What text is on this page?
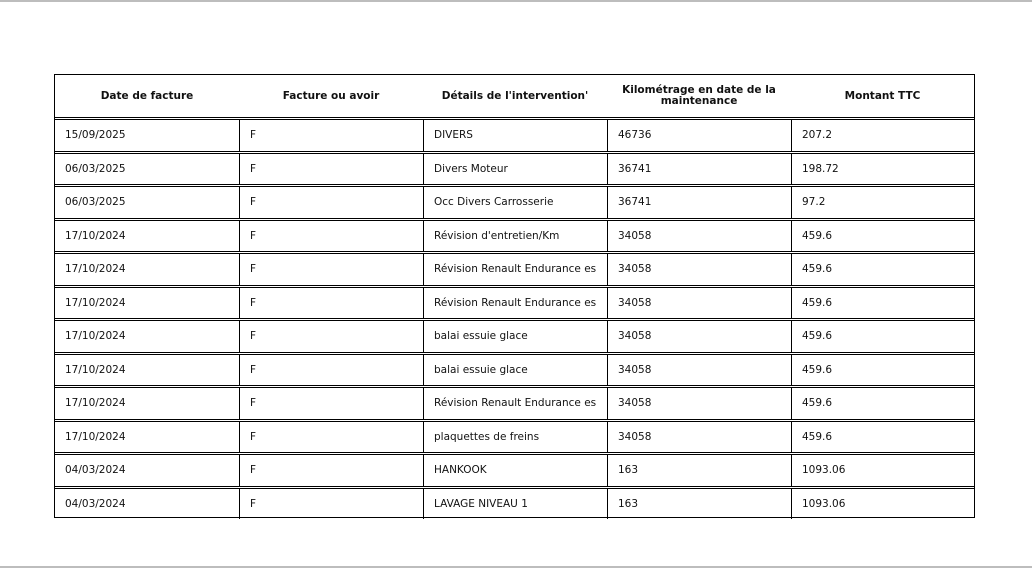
Date de facture	Facture ou avoir	Détails de l'intervention'	Kilométrage en date de la maintenance	Montant TTC
15/09/2025	F	DIVERS	46736	207.2
06/03/2025	F	Divers Moteur	36741	198.72
06/03/2025	F	Occ Divers Carrosserie	36741	97.2
17/10/2024	F	Révision d'entretien/Km	34058	459.6
17/10/2024	F	Révision Renault Endurance es	34058	459.6
17/10/2024	F	Révision Renault Endurance es	34058	459.6
17/10/2024	F	balai essuie glace	34058	459.6
17/10/2024	F	balai essuie glace	34058	459.6
17/10/2024	F	Révision Renault Endurance es	34058	459.6
17/10/2024	F	plaquettes de freins	34058	459.6
04/03/2024	F	HANKOOK	163	1093.06
04/03/2024	F	LAVAGE NIVEAU 1	163	1093.06
